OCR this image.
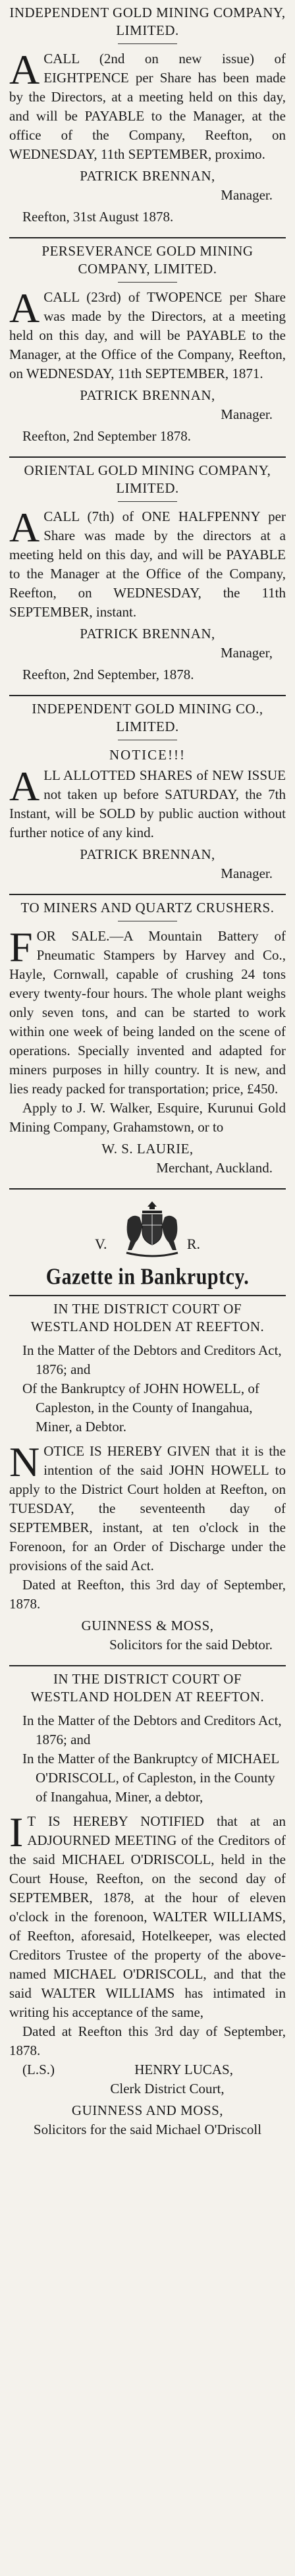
INDEPENDENT GOLD MINING COMPANY, LIMITED.
A CALL (2nd on new issue) of EIGHTPENCE per Share has been made by the Directors, at a meeting held on this day, and will be PAYABLE to the Manager, at the office of the Company, Reefton, on WEDNESDAY, 11th SEPTEMBER, proximo.
PATRICK BRENNAN,
Manager.
Reefton, 31st August 1878.
PERSEVERANCE GOLD MINING COMPANY, LIMITED.
A CALL (23rd) of TWOPENCE per Share was made by the Directors, at a meeting held on this day, and will be PAYABLE to the Manager, at the Office of the Company, Reefton, on WEDNESDAY, 11th SEPTEMBER, 1871.
PATRICK BRENNAN,
Manager.
Reefton, 2nd September 1878.
ORIENTAL GOLD MINING COMPANY, LIMITED.
A CALL (7th) of ONE HALFPENNY per Share was made by the directors at a meeting held on this day, and will be PAYABLE to the Manager at the Office of the Company, Reefton, on WEDNESDAY, the 11th SEPTEMBER, instant.
PATRICK BRENNAN,
Manager,
Reefton, 2nd September, 1878.
INDEPENDENT GOLD MINING CO., LIMITED.
NOTICE!!!
A LL ALLOTTED SHARES of NEW ISSUE not taken up before SATURDAY, the 7th Instant, will be SOLD by public auction without further notice of any kind.
PATRICK BRENNAN,
Manager.
TO MINERS AND QUARTZ CRUSHERS.
F OR SALE.—A Mountain Battery of Pneumatic Stampers by Harvey and Co., Hayle, Cornwall, capable of crushing 24 tons every twenty-four hours. The whole plant weighs only seven tons, and can be started to work within one week of being landed on the scene of operations. Specially invented and adapted for miners purposes in hilly country. It is new, and lies ready packed for transportation; price, £450.
Apply to J. W. Walker, Esquire, Kurunui Gold Mining Company, Grahamstown, or to
W. S. LAURIE,
Merchant, Auckland.
V.	R.
Gazette in Bankruptcy.
IN THE DISTRICT COURT OF WESTLAND HOLDEN AT REEFTON.
In the Matter of the Debtors and Creditors Act, 1876; and
Of the Bankruptcy of JOHN HOWELL, of Capleston, in the County of Inangahua, Miner, a Debtor.
N OTICE IS HEREBY GIVEN that it is the intention of the said JOHN HOWELL to apply to the District Court holden at Reefton, on TUESDAY, the seventeenth day of SEPTEMBER, instant, at ten o'clock in the Forenoon, for an Order of Discharge under the provisions of the said Act.
Dated at Reefton, this 3rd day of September, 1878.
GUINNESS & MOSS,
Solicitors for the said Debtor.
IN THE DISTRICT COURT OF WESTLAND HOLDEN AT REEFTON.
In the Matter of the Debtors and Creditors Act, 1876; and
In the Matter of the Bankruptcy of MICHAEL O'DRISCOLL, of Capleston, in the County of Inangahua, Miner, a debtor,
I T IS HEREBY NOTIFIED that at an ADJOURNED MEETING of the Creditors of the said MICHAEL O'DRISCOLL, held in the Court House, Reefton, on the second day of SEPTEMBER, 1878, at the hour of eleven o'clock in the forenoon, WALTER WILLIAMS, of Reefton, aforesaid, Hotelkeeper, was elected Creditors Trustee of the property of the above-named MICHAEL O'DRISCOLL, and that the said WALTER WILLIAMS has intimated in writing his acceptance of the same,
Dated at Reefton this 3rd day of September, 1878.
(L.S.)	HENRY LUCAS,
Clerk District Court,
GUINNESS AND MOSS,
Solicitors for the said Michael O'Driscoll
